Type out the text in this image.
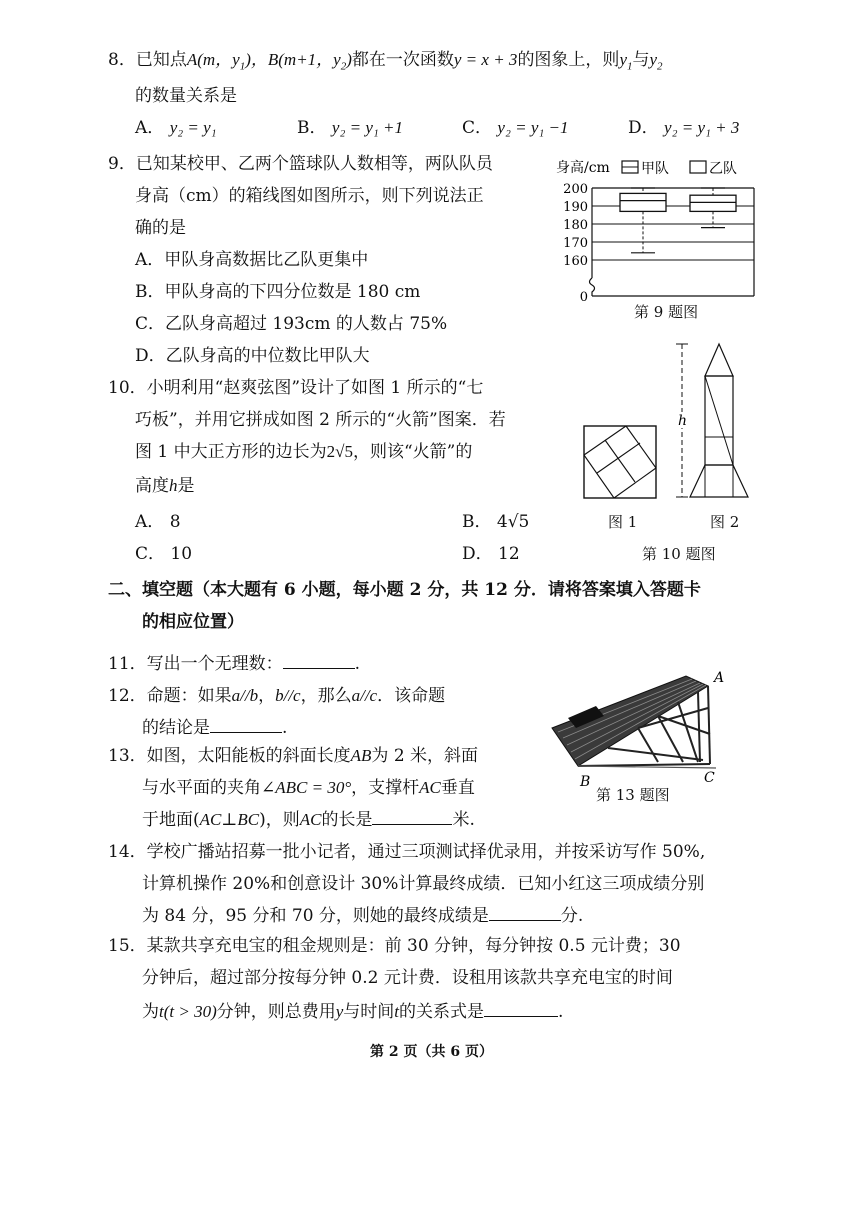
8．已知点A(m，$y_1$)，B(m+1，$y_2$)都在一次函数y = x + 3的图象上，则$y_1$与$y_2$
的数量关系是
A． y₂ = y₁	B． y₂ = y₁ +1	C． y₂ = y₁ −1	D． y₂ = y₁ + 3
9．已知某校甲、乙两个篮球队人数相等，两队队员
身高（cm）的箱线图如图所示，则下列说法正
确的是
A．甲队身高数据比乙队更集中
B．甲队身高的下四分位数是 180 cm
C．乙队身高超过 193cm 的人数占 75%
D．乙队身高的中位数比甲队大
身高/cm 甲队	乙队
0
160
170
180
190
200
第 9 题图
10．小明利用“赵爽弦图”设计了如图 1 所示的“七
巧板”，并用它拼成如图 2 所示的“火箭”图案．若
图 1 中大正方形的边长为2√5，则该“火箭”的
高度h是
A． 8	B． 4√5
C． 10	D． 12
h
图 1	图 2
第 10 题图
二、填空题（本大题有 6 小题，每小题 2 分，共 12 分．请将答案填入答题卡
的相应位置）
11．写出一个无理数：	.
12．命题：如果a//b，b//c，那么a//c．该命题
的结论是	.
13．如图，太阳能板的斜面长度AB为 2 米，斜面
与水平面的夹角∠ABC = 30°，支撑杆AC垂直
于地面(AC⊥BC)，则AC的长是	米.
A
B	C
第 13 题图
14．学校广播站招募一批小记者，通过三项测试择优录用，并按采访写作 50%,
计算机操作 20%和创意设计 30%计算最终成绩．已知小红这三项成绩分别
为 84 分，95 分和 70 分，则她的最终成绩是	分.
15．某款共享充电宝的租金规则是：前 30 分钟，每分钟按 0.5 元计费；30
分钟后，超过部分按每分钟 0.2 元计费．设租用该款共享充电宝的时间
为t(t > 30)分钟，则总费用y与时间t的关系式是	.
第 2 页（共 6 页）
